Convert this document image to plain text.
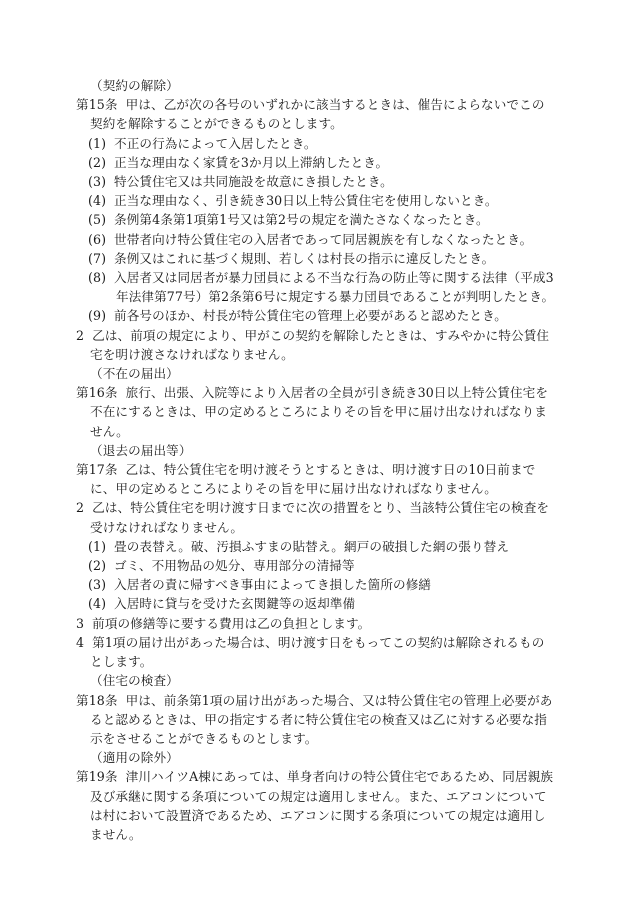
（契約の解除）

第15条 甲は、乙が次の各号のいずれかに該当するときは、催告によらないでこの契約を解除することができるものとします。

(1) 不正の行為によって入居したとき。

(2) 正当な理由なく家賃を3か月以上滞納したとき。

(3) 特公賃住宅又は共同施設を故意にき損したとき。

(4) 正当な理由なく、引き続き30日以上特公賃住宅を使用しないとき。

(5) 条例第4条第1項第1号又は第2号の規定を満たさなくなったとき。

(6) 世帯者向け特公賃住宅の入居者であって同居親族を有しなくなったとき。

(7) 条例又はこれに基づく規則、若しくは村長の指示に違反したとき。

(8) 入居者又は同居者が暴力団員による不当な行為の防止等に関する法律（平成3年法律第77号）第2条第6号に規定する暴力団員であることが判明したとき。

(9) 前各号のほか、村長が特公賃住宅の管理上必要があると認めたとき。

2 乙は、前項の規定により、甲がこの契約を解除したときは、すみやかに特公賃住宅を明け渡さなければなりません。

（不在の届出）

第16条 旅行、出張、入院等により入居者の全員が引き続き30日以上特公賃住宅を不在にするときは、甲の定めるところによりその旨を甲に届け出なければなりません。

（退去の届出等）

第17条 乙は、特公賃住宅を明け渡そうとするときは、明け渡す日の10日前までに、甲の定めるところによりその旨を甲に届け出なければなりません。

2 乙は、特公賃住宅を明け渡す日までに次の措置をとり、当該特公賃住宅の検査を受けなければなりません。

(1) 畳の表替え。破、汚損ふすまの貼替え。網戸の破損した網の張り替え

(2) ゴミ、不用物品の処分、専用部分の清掃等

(3) 入居者の責に帰すべき事由によってき損した箇所の修繕

(4) 入居時に貸与を受けた玄関鍵等の返却準備

3 前項の修繕等に要する費用は乙の負担とします。

4 第1項の届け出があった場合は、明け渡す日をもってこの契約は解除されるものとします。

（住宅の検査）

第18条 甲は、前条第1項の届け出があった場合、又は特公賃住宅の管理上必要があると認めるときは、甲の指定する者に特公賃住宅の検査又は乙に対する必要な指示をさせることができるものとします。

（適用の除外）

第19条 津川ハイツA棟にあっては、単身者向けの特公賃住宅であるため、同居親族及び承継に関する条項についての規定は適用しません。また、エアコンについては村において設置済であるため、エアコンに関する条項についての規定は適用しません。
